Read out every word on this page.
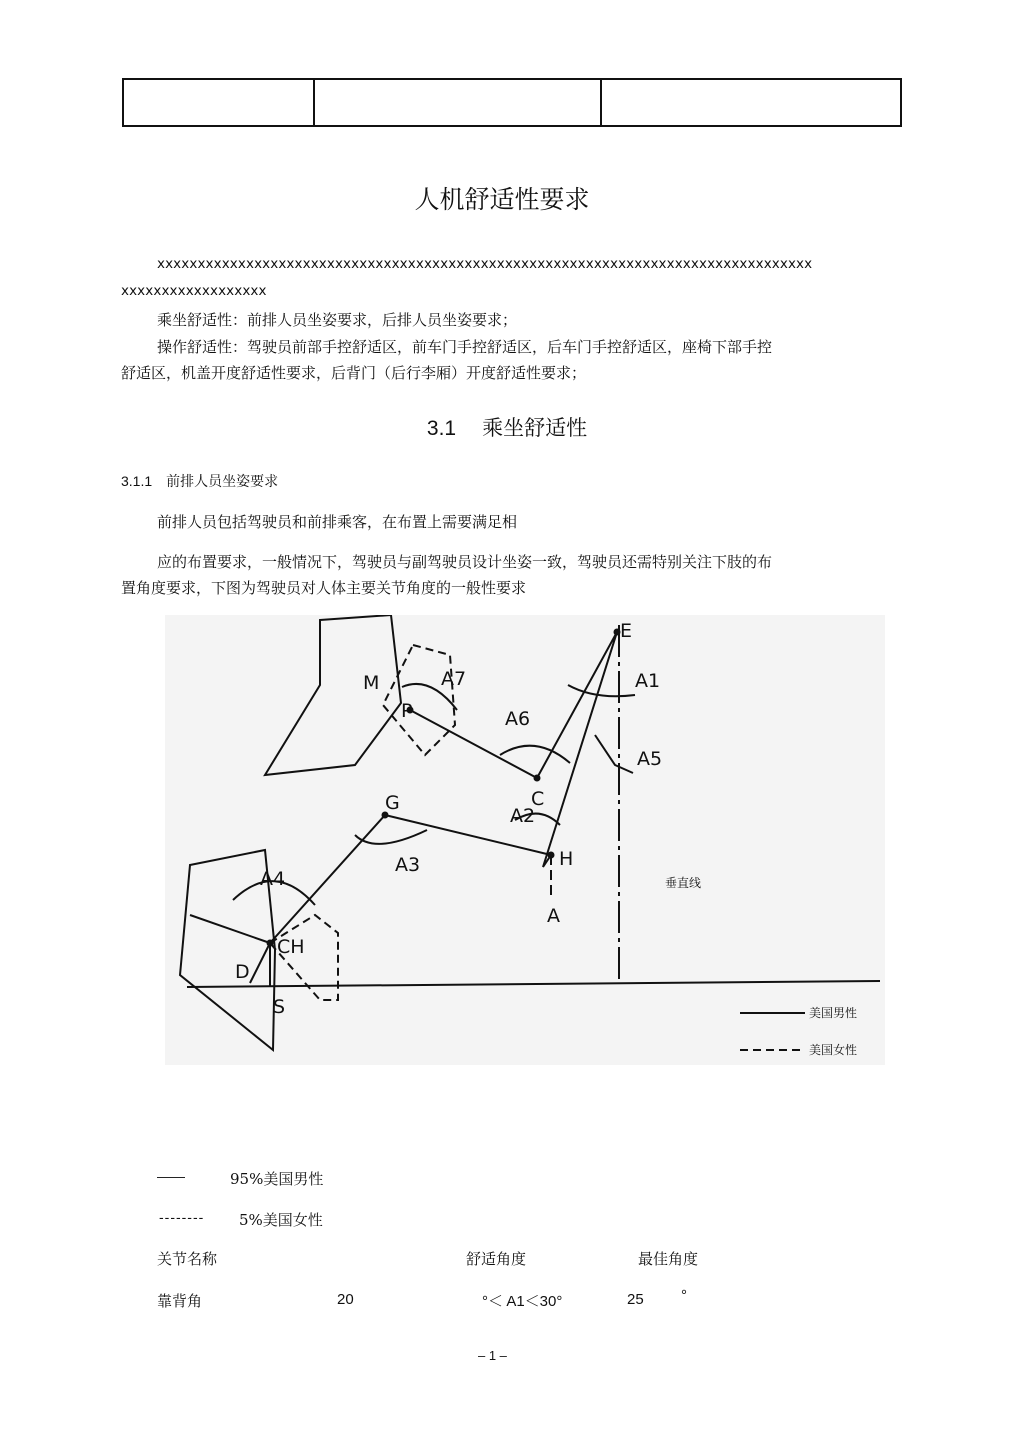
人机舒适性要求
xxxxxxxxxxxxxxxxxxxxxxxxxxxxxxxxxxxxxxxxxxxxxxxxxxxxxxxxxxxxxxxxxxxxxxxxxxxxxxxxx
xxxxxxxxxxxxxxxxxx
乘坐舒适性：前排人员坐姿要求，后排人员坐姿要求；
操作舒适性：驾驶员前部手控舒适区，前车门手控舒适区，后车门手控舒适区，座椅下部手控
舒适区，机盖开度舒适性要求，后背门（后行李厢）开度舒适性要求；
3.1 乘坐舒适性
3.1.1 前排人员坐姿要求
前排人员包括驾驶员和前排乘客，在布置上需要满足相
应的布置要求，一般情况下，驾驶员与副驾驶员设计坐姿一致，驾驶员还需特别关注下肢的布
置角度要求，下图为驾驶员对人体主要关节角度的一般性要求
E
M
P
C
G
H
A
CH
D
S
A1
A2
A3
A4
A5
A6
A7
垂直线
美国男性
美国女性
——	95%美国男性
-------- 5%美国女性
关节名称	舒适角度	最佳角度
靠背角	20	°＜ A1＜30°	25 °
– 1 –
